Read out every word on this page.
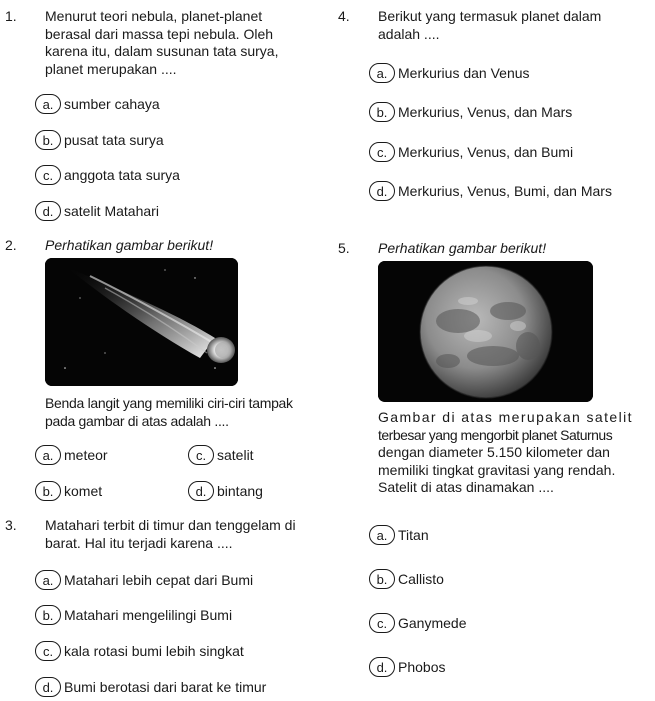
1. Menurut teori nebula, planet-planet
berasal dari massa tepi nebula. Oleh
karena itu, dalam susunan tata surya,
planet merupakan ....
a. sumber cahaya
b. pusat tata surya
c. anggota tata surya
d. satelit Matahari
2. Perhatikan gambar berikut!
Benda langit yang memiliki ciri-ciri tampak
pada gambar di atas adalah ....
a. meteor
b. komet
c. satelit
d. bintang
3. Matahari terbit di timur dan tenggelam di
barat. Hal itu terjadi karena ....
a. Matahari lebih cepat dari Bumi
b. Matahari mengelilingi Bumi
c. kala rotasi bumi lebih singkat
d. Bumi berotasi dari barat ke timur
4. Berikut yang termasuk planet dalam
adalah ....
a. Merkurius dan Venus
b. Merkurius, Venus, dan Mars
c. Merkurius, Venus, dan Bumi
d. Merkurius, Venus, Bumi, dan Mars
5. Perhatikan gambar berikut!
Gambar di atas merupakan satelit
terbesar yang mengorbit planet Saturnus
dengan diameter 5.150 kilometer dan
memiliki tingkat gravitasi yang rendah.
Satelit di atas dinamakan ....
a. Titan
b. Callisto
c. Ganymede
d. Phobos
